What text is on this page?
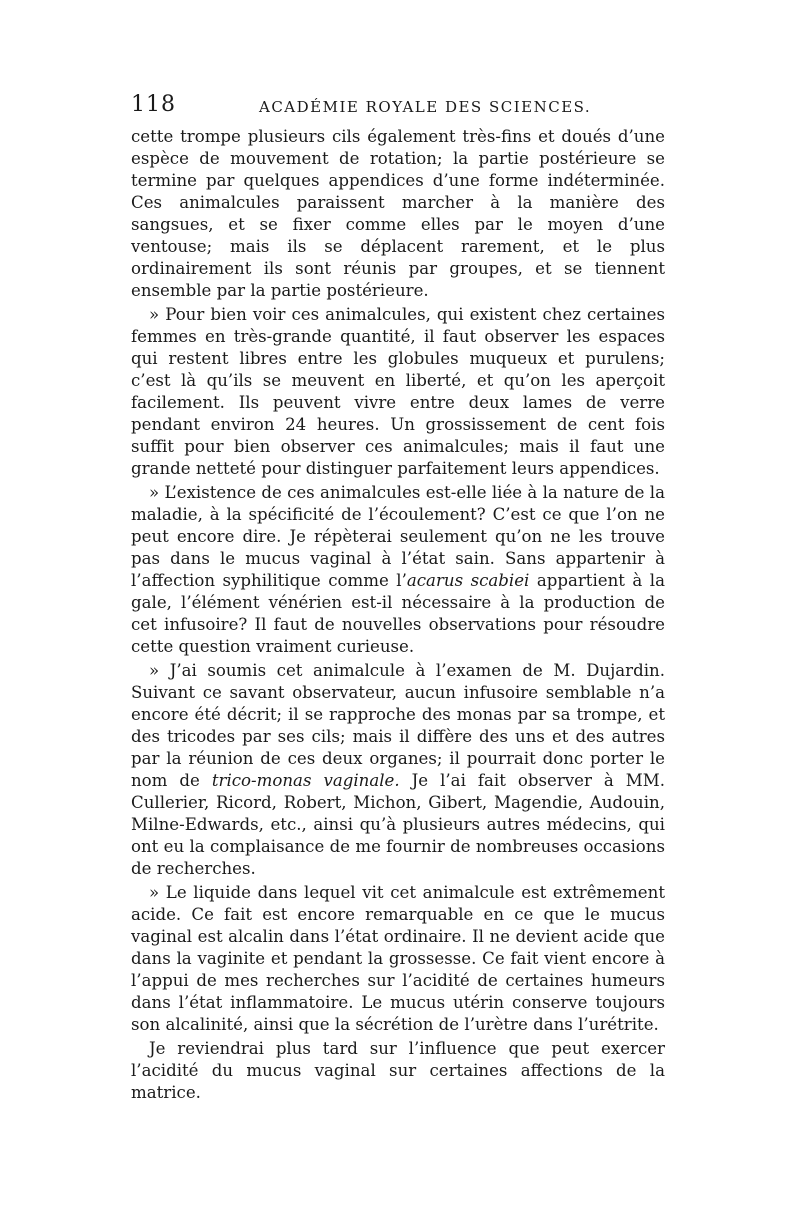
118	ACADÉMIE ROYALE DES SCIENCES.

cette trompe plusieurs cils également très-fins et doués d’une espèce de mouvement de rotation; la partie postérieure se termine par quelques appendices d’une forme indéterminée. Ces animalcules paraissent marcher à la manière des sangsues, et se fixer comme elles par le moyen d’une ventouse; mais ils se déplacent rarement, et le plus ordinairement ils sont réunis par groupes, et se tiennent ensemble par la partie postérieure.

» Pour bien voir ces animalcules, qui existent chez certaines femmes en très-grande quantité, il faut observer les espaces qui restent libres entre les globules muqueux et purulens; c’est là qu’ils se meuvent en liberté, et qu’on les aperçoit facilement. Ils peuvent vivre entre deux lames de verre pendant environ 24 heures. Un grossissement de cent fois suffit pour bien observer ces animalcules; mais il faut une grande netteté pour distinguer parfaitement leurs appendices.

» L’existence de ces animalcules est-elle liée à la nature de la maladie, à la spécificité de l’écoulement? C’est ce que l’on ne peut encore dire. Je répèterai seulement qu’on ne les trouve pas dans le mucus vaginal à l’état sain. Sans appartenir à l’affection syphilitique comme l’acarus scabiei appartient à la gale, l’élément vénérien est-il nécessaire à la production de cet infusoire? Il faut de nouvelles observations pour résoudre cette question vraiment curieuse.

» J’ai soumis cet animalcule à l’examen de M. Dujardin. Suivant ce savant observateur, aucun infusoire semblable n’a encore été décrit; il se rapproche des monas par sa trompe, et des tricodes par ses cils; mais il diffère des uns et des autres par la réunion de ces deux organes; il pourrait donc porter le nom de trico-monas vaginale. Je l’ai fait observer à MM. Cullerier, Ricord, Robert, Michon, Gibert, Magendie, Audouin, Milne-Edwards, etc., ainsi qu’à plusieurs autres médecins, qui ont eu la complaisance de me fournir de nombreuses occasions de recherches.

» Le liquide dans lequel vit cet animalcule est extrêmement acide. Ce fait est encore remarquable en ce que le mucus vaginal est alcalin dans l’état ordinaire. Il ne devient acide que dans la vaginite et pendant la grossesse. Ce fait vient encore à l’appui de mes recherches sur l’acidité de certaines humeurs dans l’état inflammatoire. Le mucus utérin conserve toujours son alcalinité, ainsi que la sécrétion de l’urètre dans l’urétrite.

Je reviendrai plus tard sur l’influence que peut exercer l’acidité du mucus vaginal sur certaines affections de la matrice.
